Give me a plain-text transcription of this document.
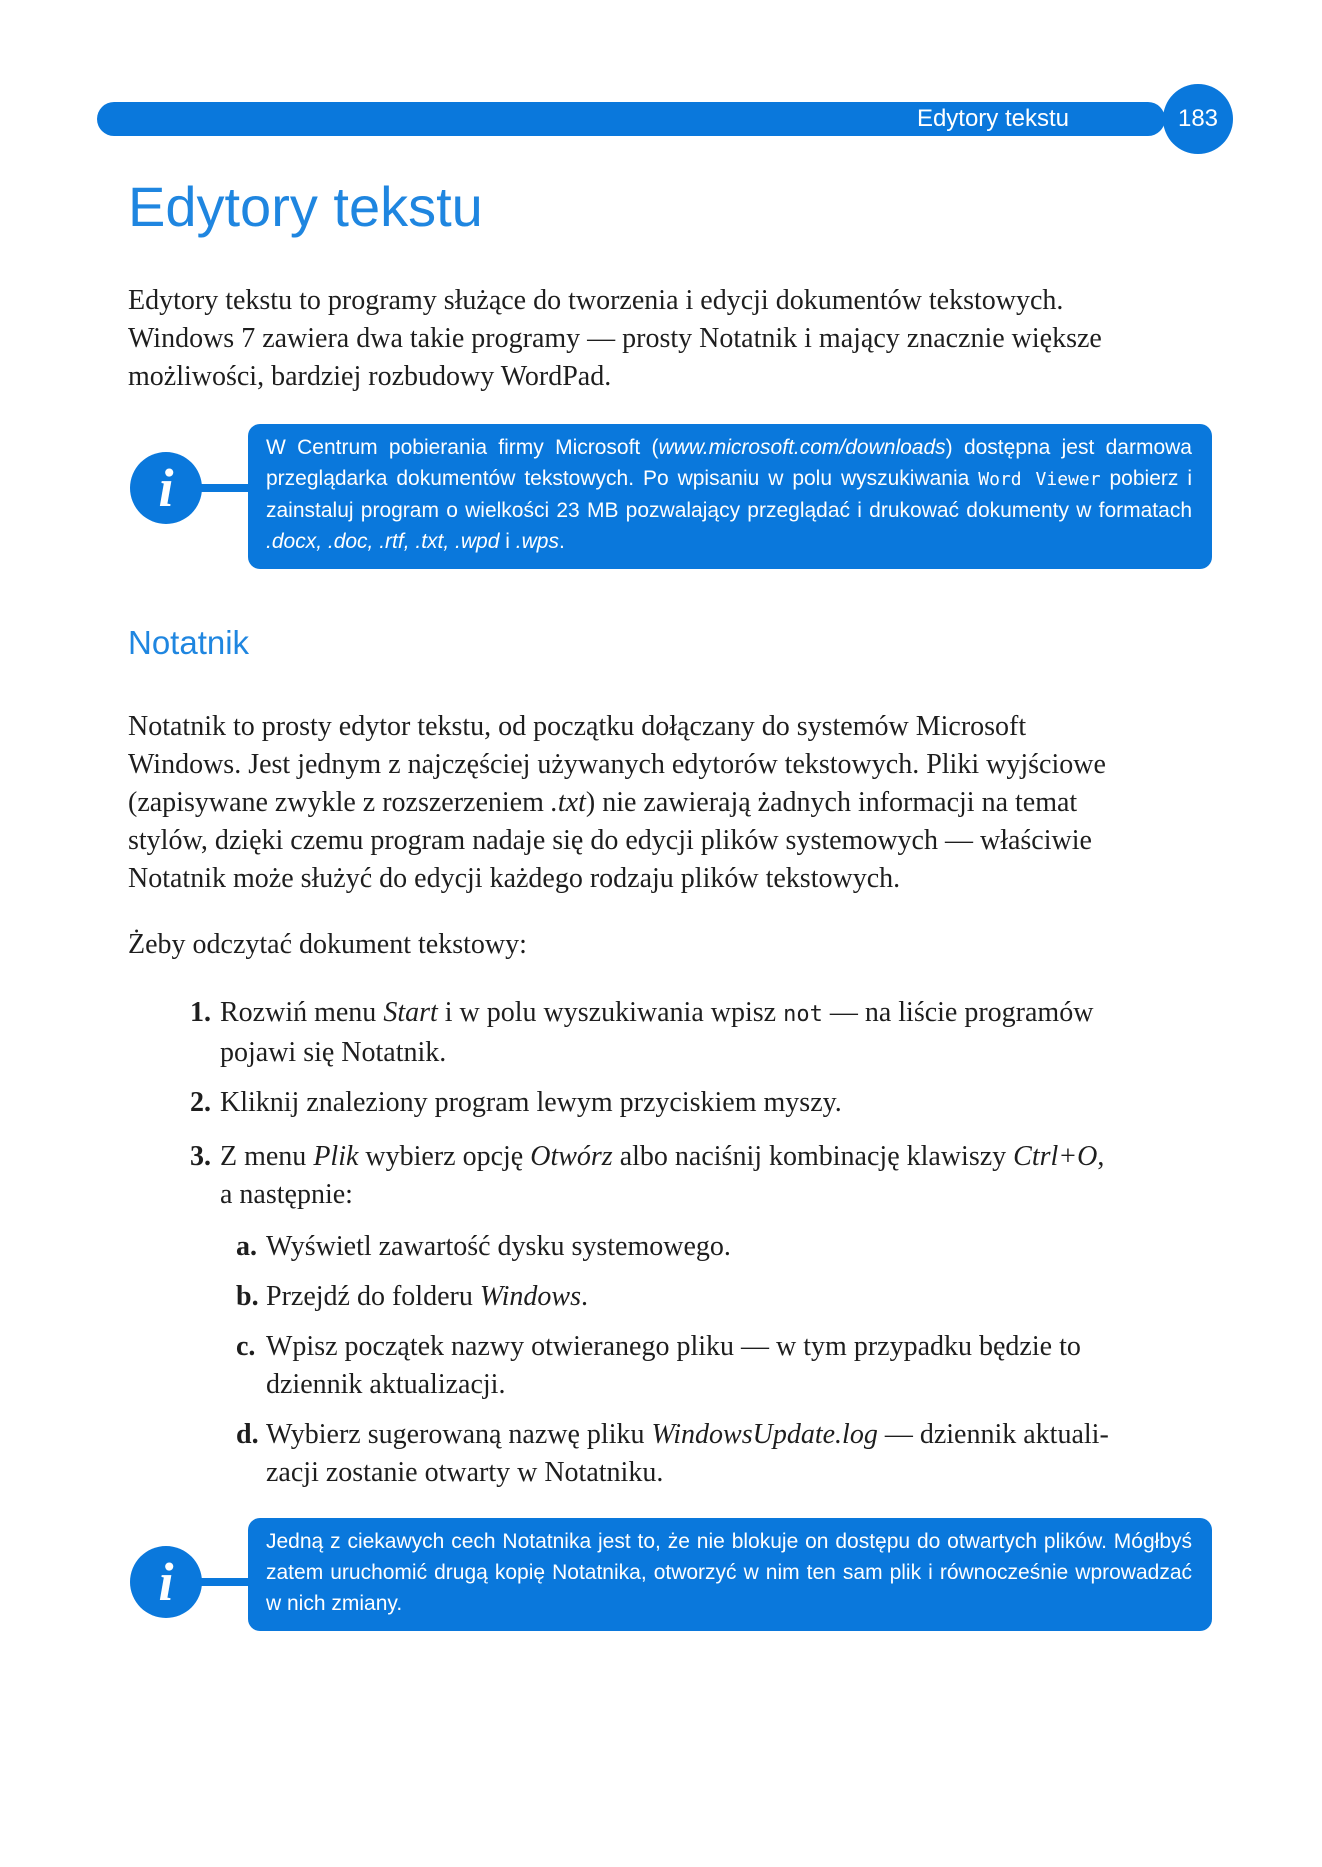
Edytory tekstu	183
Edytory tekstu
Edytory tekstu to programy służące do tworzenia i edycji dokumentów tekstowych.
Windows 7 zawiera dwa takie programy — prosty Notatnik i mający znacznie większe
możliwości, bardziej rozbudowy WordPad.
i
W Centrum pobierania firmy Microsoft (www.microsoft.com/downloads) dostępna jest darmowa przeglądarka dokumentów tekstowych. Po wpisaniu w polu wyszukiwania Word Viewer pobierz i zainstaluj program o wielkości 23 MB pozwalający przeglądać i drukować dokumenty w formatach .docx, .doc, .rtf, .txt, .wpd i .wps.
Notatnik
Notatnik to prosty edytor tekstu, od początku dołączany do systemów Microsoft
Windows. Jest jednym z najczęściej używanych edytorów tekstowych. Pliki wyjściowe
(zapisywane zwykle z rozszerzeniem .txt) nie zawierają żadnych informacji na temat
stylów, dzięki czemu program nadaje się do edycji plików systemowych — właściwie
Notatnik może służyć do edycji każdego rodzaju plików tekstowych.
Żeby odczytać dokument tekstowy:
1. Rozwiń menu Start i w polu wyszukiwania wpisz not — na liście programów
pojawi się Notatnik.
2. Kliknij znaleziony program lewym przyciskiem myszy.
3. Z menu Plik wybierz opcję Otwórz albo naciśnij kombinację klawiszy Ctrl+O,
a następnie:
a. Wyświetl zawartość dysku systemowego.
b. Przejdź do folderu Windows.
c. Wpisz początek nazwy otwieranego pliku — w tym przypadku będzie to
dziennik aktualizacji.
d. Wybierz sugerowaną nazwę pliku WindowsUpdate.log — dziennik aktuali-
zacji zostanie otwarty w Notatniku.
i
Jedną z ciekawych cech Notatnika jest to, że nie blokuje on dostępu do otwartych plików. Mógłbyś zatem uruchomić drugą kopię Notatnika, otworzyć w nim ten sam plik i równocześnie wprowadzać w nich zmiany.
